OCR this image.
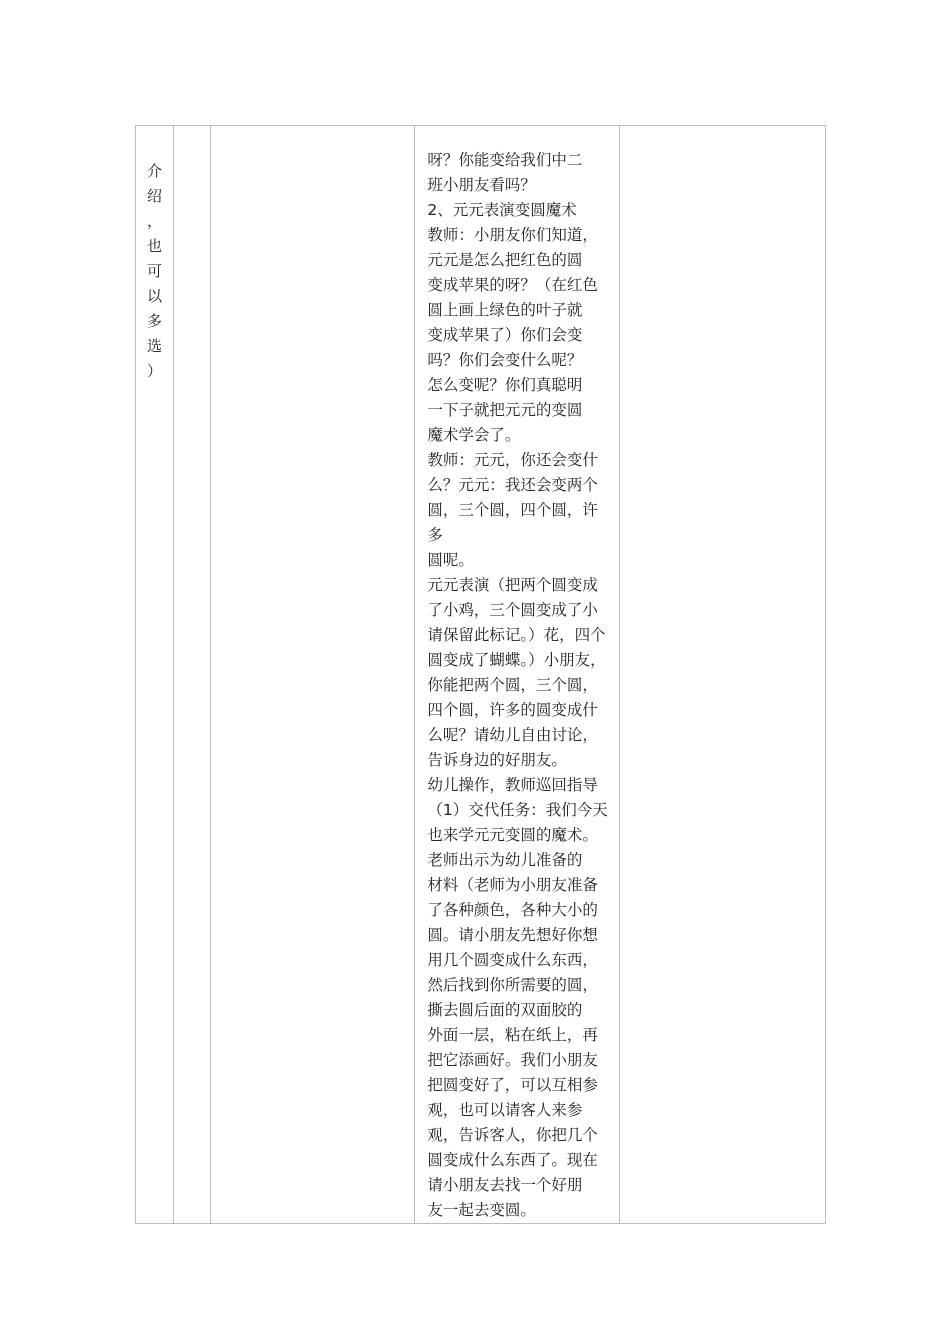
介
绍
，
也
可
以
多
选
）

呀？你能变给我们中二
班小朋友看吗？

2、元元表演变圆魔术

教师：小朋友你们知道，
元元是怎么把红色的圆
变成苹果的呀？（在红色
圆上画上绿色的叶子就
变成苹果了）你们会变
吗？你们会变什么呢？
怎么变呢？你们真聪明
一下子就把元元的变圆
魔术学会了。

教师：元元，你还会变什
么？元元：我还会变两个
圆，三个圆，四个圆，许多
圆呢。

元元表演（把两个圆变成
了小鸡，三个圆变成了小
请保留此标记。）花，四个
圆变成了蝴蝶。）小朋友，
你能把两个圆，三个圆，
四个圆，许多的圆变成什
么呢？请幼儿自由讨论，
告诉身边的好朋友。

幼儿操作，教师巡回指导

（1）交代任务：我们今天
也来学元元变圆的魔术。
老师出示为幼儿准备的
材料（老师为小朋友准备
了各种颜色，各种大小的
圆。请小朋友先想好你想
用几个圆变成什么东西，
然后找到你所需要的圆，
撕去圆后面的双面胶的
外面一层，粘在纸上，再
把它添画好。我们小朋友
把圆变好了，可以互相参
观，也可以请客人来参
观，告诉客人，你把几个
圆变成什么东西了。现在
请小朋友去找一个好朋
友一起去变圆。
